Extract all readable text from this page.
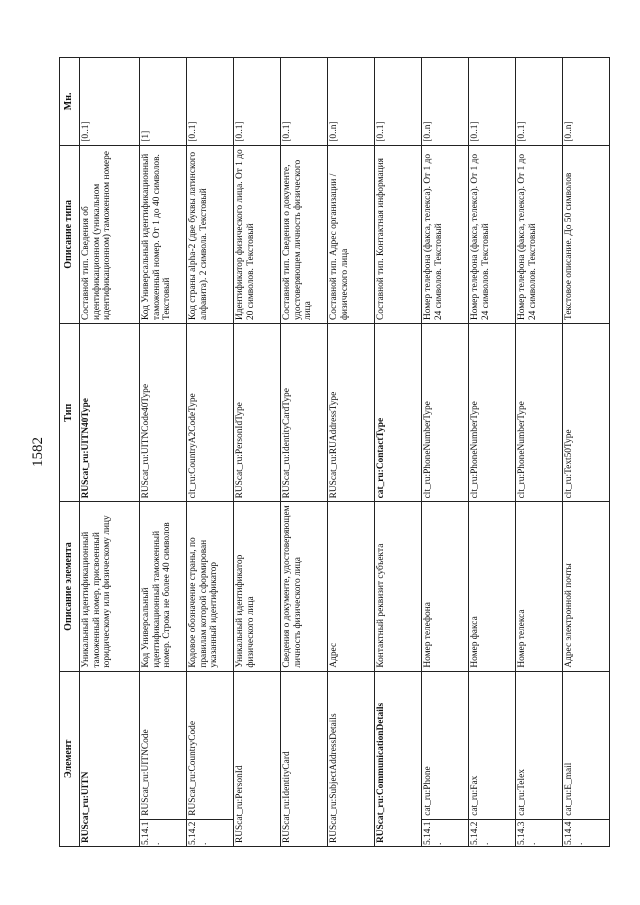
1582
Элемент		Описание элемента	Тип	Описание типа	Мн.
RUScat_ru:UITN		Уникальный идентификационный таможенный номер, присвоенный юридическому или физическому лицу	RUScat_ru:UITN40Type	Составной тип. Сведения об идентификационном (уникальном идентификационном) таможенном номере	[0..1]
5.14.1.	RUScat_ru:UITNCode	Код Универсальный идентификационный таможенный номер. Строка не более 40 символов	RUScat_ru:UITNCode40Type	Код Универсальный идентификационный таможенный номер. От 1 до 40 символов. Текстовый	[1]
5.14.2.	RUScat_ru:CountryCode	Кодовое обозначение страны, по правилам которой сформирован указанный идентификатор	clt_ru:CountryA2CodeType	Код страны alpha-2 (две буквы латинского алфавита). 2 символа. Текстовый	[0..1]
RUScat_ru:PersonId		Уникальный идентификатор физического лица	RUScat_ru:PersonIdType	Идентификатор физического лица. От 1 до 20 символов. Текстовый	[0..1]
RUScat_ru:IdentityCard		Сведения о документе, удостоверяющем личность физического лица	RUScat_ru:IdentityCardType	Составной тип. Сведения о документе, удостоверяющем личность физического лица	[0..1]
RUScat_ru:SubjectAddressDetails		Адрес	RUScat_ru:RUAddressType	Составной тип. Адрес организации / физического лица	[0..n]
RUScat_ru:CommunicationDetails		Контактный реквизит субъекта	cat_ru:ContactType	Составной тип. Контактная информация	[0..1]
5.14.1.	cat_ru:Phone	Номер телефона	clt_ru:PhoneNumberType	Номер телефона (факса, телекса). От 1 до 24 символов. Текстовый	[0..n]
5.14.2.	cat_ru:Fax	Номер факса	clt_ru:PhoneNumberType	Номер телефона (факса, телекса). От 1 до 24 символов. Текстовый	[0..1]
5.14.3.	cat_ru:Telex	Номер телекса	clt_ru:PhoneNumberType	Номер телефона (факса, телекса). От 1 до 24 символов. Текстовый	[0..1]
5.14.4.	cat_ru:E_mail	Адрес электронной почты	clt_ru:Text50Type	Текстовое описание. До 50 символов	[0..n]
